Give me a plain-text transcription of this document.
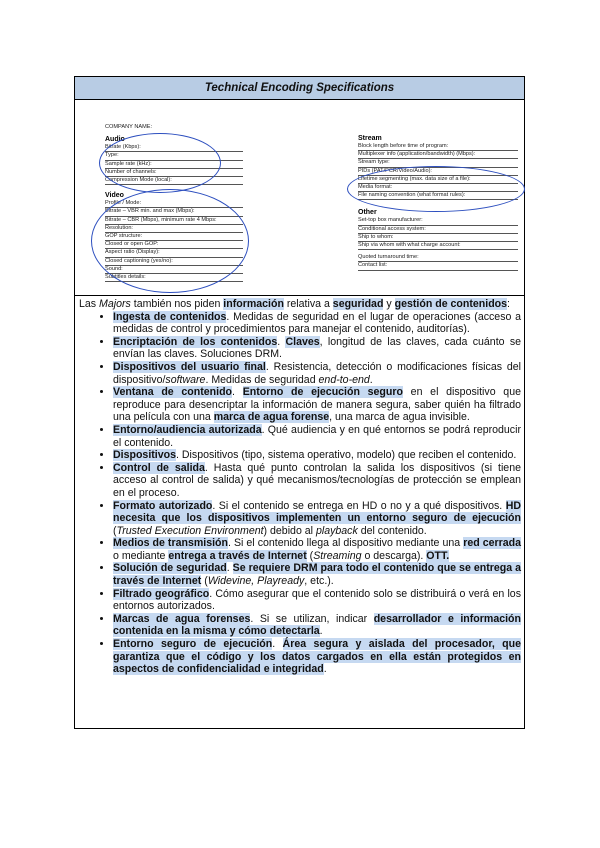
Technical Encoding Specifications
COMPANY NAME:
Audio
Bitrate (Kbps):
Type:
Sample rate (kHz):
Number of channels:
Compression Mode (local):
Video
Profile / Mode:
Bitrate – VBR min. and max (Mbps):
Bitrate – CBR (Mbps), minimum rate 4 Mbps:
Resolution:
GOP structure:
Closed or open GOP:
Aspect ratio (Display):
Closed captioning (yes/no):
Sound:
Subtitles details:
Stream
Block length before time of program:
Multiplexer info (application/bandwidth) (Mbps):
Stream type:
PIDs (PAT/PCR/Video/Audio):
Lifetime segmenting (max. data size of a file):
Media format:
File naming convention (what format rules):
Other
Set-top box manufacturer:
Conditional access system:
Ship to whom:
Ship via whom with what charge account:
Quoted turnaround time:
Contact list:

Las Majors también nos piden información relativa a seguridad y gestión de contenidos:

• Ingesta de contenidos. Medidas de seguridad en el lugar de operaciones (acceso a medidas de control y procedimientos para manejar el contenido, auditorías).
• Encriptación de los contenidos. Claves, longitud de las claves, cada cuánto se envían las claves. Soluciones DRM.
• Dispositivos del usuario final. Resistencia, detección o modificaciones físicas del dispositivo/software. Medidas de seguridad end-to-end.
• Ventana de contenido. Entorno de ejecución seguro en el dispositivo que reproduce para desencriptar la información de manera segura, saber quién ha filtrado una película con una marca de agua forense, una marca de agua invisible.
• Entorno/audiencia autorizada. Qué audiencia y en qué entornos se podrá reproducir el contenido.
• Dispositivos. Dispositivos (tipo, sistema operativo, modelo) que reciben el contenido.
• Control de salida. Hasta qué punto controlan la salida los dispositivos (si tiene acceso al control de salida) y qué mecanismos/tecnologías de protección se emplean en el proceso.
• Formato autorizado. Si el contenido se entrega en HD o no y a qué dispositivos. HD necesita que los dispositivos implementen un entorno seguro de ejecución (Trusted Execution Environment) debido al playback del contenido.
• Medios de transmisión. Si el contenido llega al dispositivo mediante una red cerrada o mediante entrega a través de Internet (Streaming o descarga). OTT.
• Solución de seguridad. Se requiere DRM para todo el contenido que se entrega a través de Internet (Widevine, Playready, etc.).
• Filtrado geográfico. Cómo asegurar que el contenido solo se distribuirá o verá en los entornos autorizados.
• Marcas de agua forenses. Si se utilizan, indicar desarrollador e información contenida en la misma y cómo detectarla.
• Entorno seguro de ejecución. Área segura y aislada del procesador, que garantiza que el código y los datos cargados en ella están protegidos en aspectos de confidencialidad e integridad.
